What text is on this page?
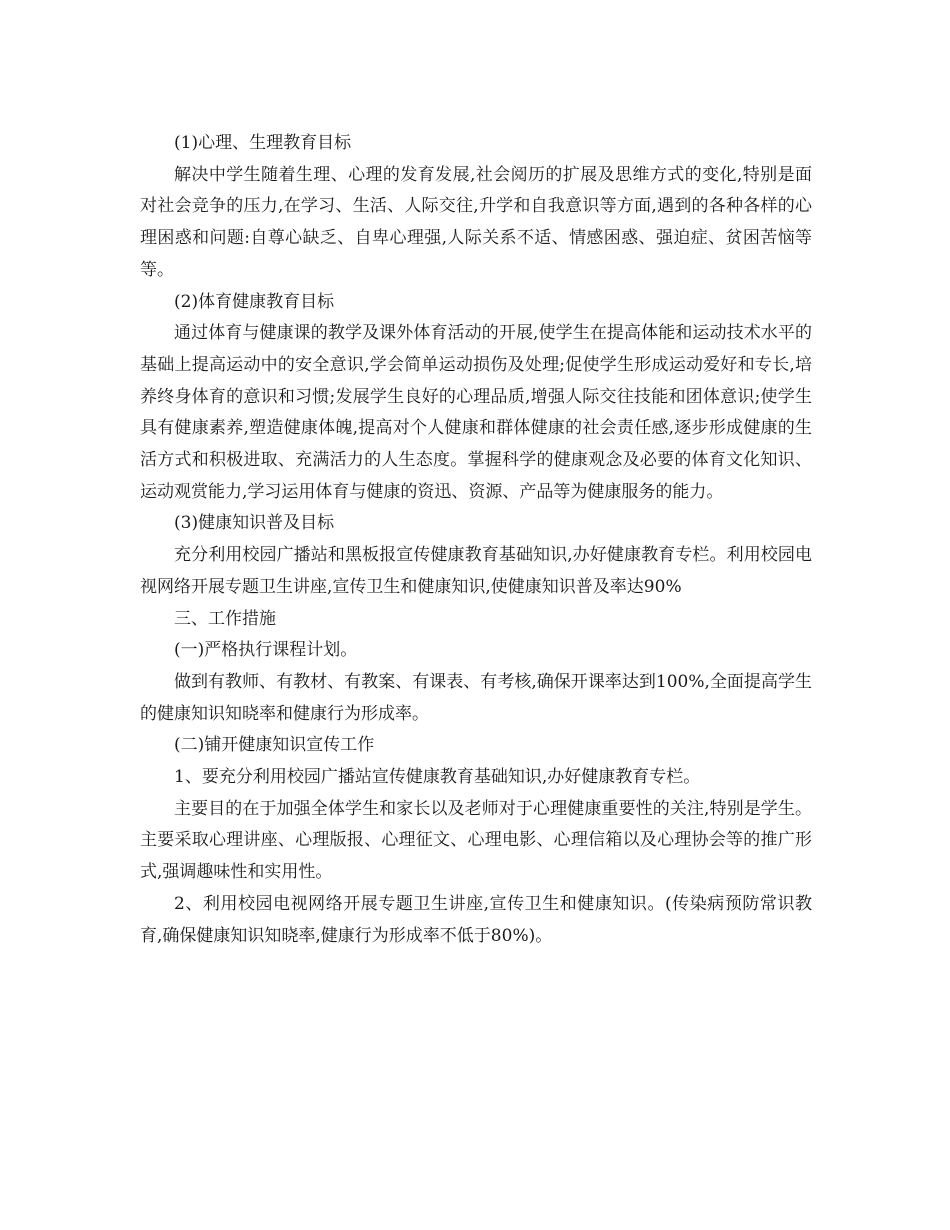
(1)心理、生理教育目标

解决中学生随着生理、心理的发育发展,社会阅历的扩展及思维方式的变化,特别是面对社会竞争的压力,在学习、生活、人际交往,升学和自我意识等方面,遇到的各种各样的心理困惑和问题:自尊心缺乏、自卑心理强,人际关系不适、情感困惑、强迫症、贫困苦恼等等。

(2)体育健康教育目标

通过体育与健康课的教学及课外体育活动的开展,使学生在提高体能和运动技术水平的基础上提高运动中的安全意识,学会简单运动损伤及处理;促使学生形成运动爱好和专长,培养终身体育的意识和习惯;发展学生良好的心理品质,增强人际交往技能和团体意识;使学生具有健康素养,塑造健康体魄,提高对个人健康和群体健康的社会责任感,逐步形成健康的生活方式和积极进取、充满活力的人生态度。掌握科学的健康观念及必要的体育文化知识、运动观赏能力,学习运用体育与健康的资迅、资源、产品等为健康服务的能力。

(3)健康知识普及目标

充分利用校园广播站和黑板报宣传健康教育基础知识,办好健康教育专栏。利用校园电视网络开展专题卫生讲座,宣传卫生和健康知识,使健康知识普及率达90%

三、工作措施

(一)严格执行课程计划。

做到有教师、有教材、有教案、有课表、有考核,确保开课率达到100%,全面提高学生的健康知识知晓率和健康行为形成率。

(二)铺开健康知识宣传工作

1、要充分利用校园广播站宣传健康教育基础知识,办好健康教育专栏。

主要目的在于加强全体学生和家长以及老师对于心理健康重要性的关注,特别是学生。主要采取心理讲座、心理版报、心理征文、心理电影、心理信箱以及心理协会等的推广形式,强调趣味性和实用性。

2、利用校园电视网络开展专题卫生讲座,宣传卫生和健康知识。(传染病预防常识教育,确保健康知识知晓率,健康行为形成率不低于80%)。
